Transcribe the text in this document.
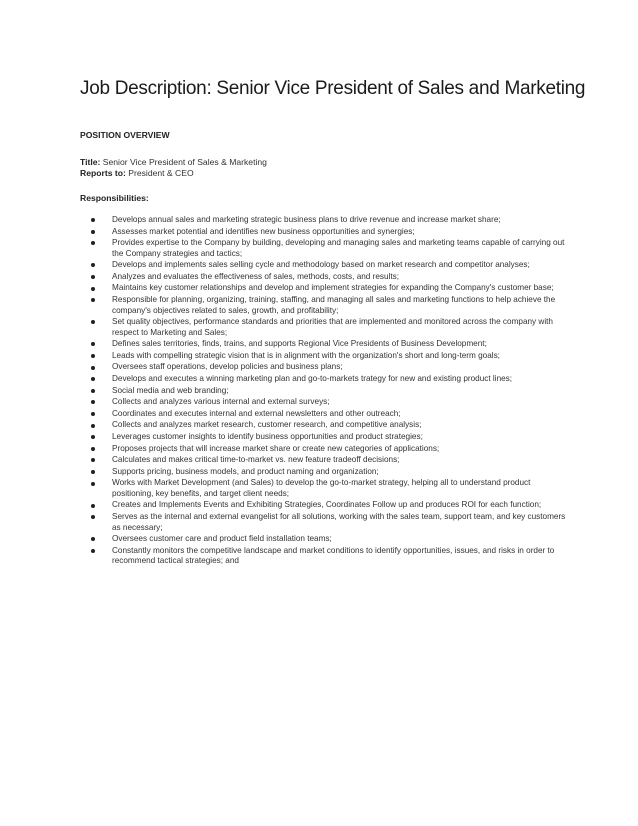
Job Description: Senior Vice President of Sales and Marketing
POSITION OVERVIEW
Title: Senior Vice President of Sales & Marketing
Reports to: President & CEO
Responsibilities:
Develops annual sales and marketing strategic business plans to drive revenue and increase market share;
Assesses market potential and identifies new business opportunities and synergies;
Provides expertise to the Company by building, developing and managing sales and marketing teams capable of carrying out the Company strategies and tactics;
Develops and implements sales selling cycle and methodology based on market research and competitor analyses;
Analyzes and evaluates the effectiveness of sales, methods, costs, and results;
Maintains key customer relationships and develop and implement strategies for expanding the Company's customer base;
Responsible for planning, organizing, training, staffing, and managing all sales and marketing functions to help achieve the company's objectives related to sales, growth, and profitability;
Set quality objectives, performance standards and priorities that are implemented and monitored across the company with respect to Marketing and Sales;
Defines sales territories, finds, trains, and supports Regional Vice Presidents of Business Development;
Leads with compelling strategic vision that is in alignment with the organization's short and long-term goals;
Oversees staff operations, develop policies and business plans;
Develops and executes a winning marketing plan and go-to-markets trategy for new and existing product lines;
Social media and web branding;
Collects and analyzes various internal and external surveys;
Coordinates and executes internal and external newsletters and other outreach;
Collects and analyzes market research, customer research, and competitive analysis;
Leverages customer insights to identify business opportunities and product strategies;
Proposes projects that will increase market share or create new categories of applications;
Calculates and makes critical time-to-market vs. new feature tradeoff decisions;
Supports pricing, business models, and product naming and organization;
Works with Market Development (and Sales) to develop the go-to-market strategy, helping all to understand product positioning, key benefits, and target client needs;
Creates and Implements Events and Exhibiting Strategies, Coordinates Follow up and produces ROI for each function;
Serves as the internal and external evangelist for all solutions, working with the sales team, support team, and key customers as necessary;
Oversees customer care and product field installation teams;
Constantly monitors the competitive landscape and market conditions to identify opportunities, issues, and risks in order to recommend tactical strategies; and
